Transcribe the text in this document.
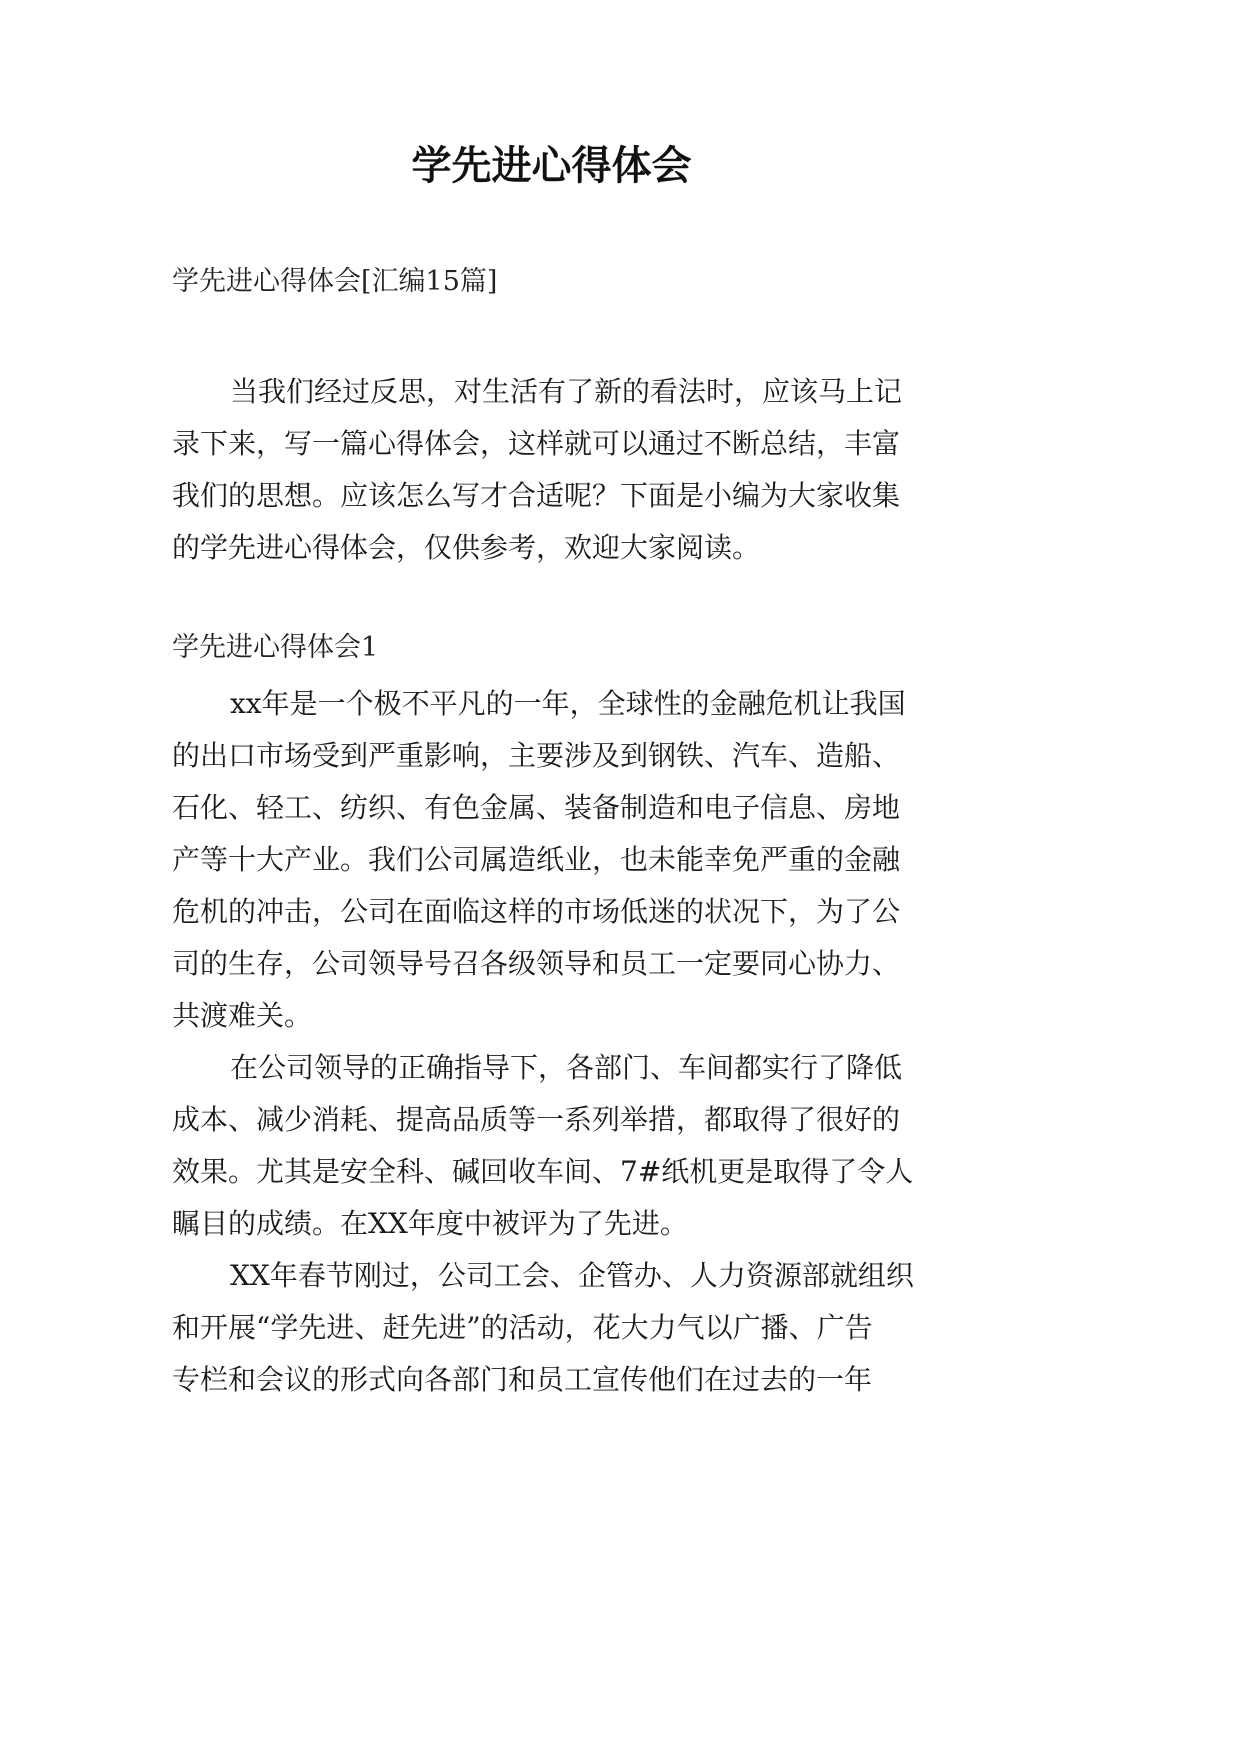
学先进心得体会
学先进心得体会[汇编15篇]
当我们经过反思，对生活有了新的看法时，应该马上记
录下来，写一篇心得体会，这样就可以通过不断总结，丰富
我们的思想。应该怎么写才合适呢？下面是小编为大家收集
的学先进心得体会，仅供参考，欢迎大家阅读。
学先进心得体会1
xx年是一个极不平凡的一年，全球性的金融危机让我国
的出口市场受到严重影响，主要涉及到钢铁、汽车、造船、
石化、轻工、纺织、有色金属、装备制造和电子信息、房地
产等十大产业。我们公司属造纸业，也未能幸免严重的金融
危机的冲击，公司在面临这样的市场低迷的状况下，为了公
司的生存，公司领导号召各级领导和员工一定要同心协力、
共渡难关。
在公司领导的正确指导下，各部门、车间都实行了降低
成本、减少消耗、提高品质等一系列举措，都取得了很好的
效果。尤其是安全科、碱回收车间、7#纸机更是取得了令人
瞩目的成绩。在XX年度中被评为了先进。
XX年春节刚过，公司工会、企管办、人力资源部就组织
和开展“学先进、赶先进”的活动，花大力气以广播、广告
专栏和会议的形式向各部门和员工宣传他们在过去的一年
